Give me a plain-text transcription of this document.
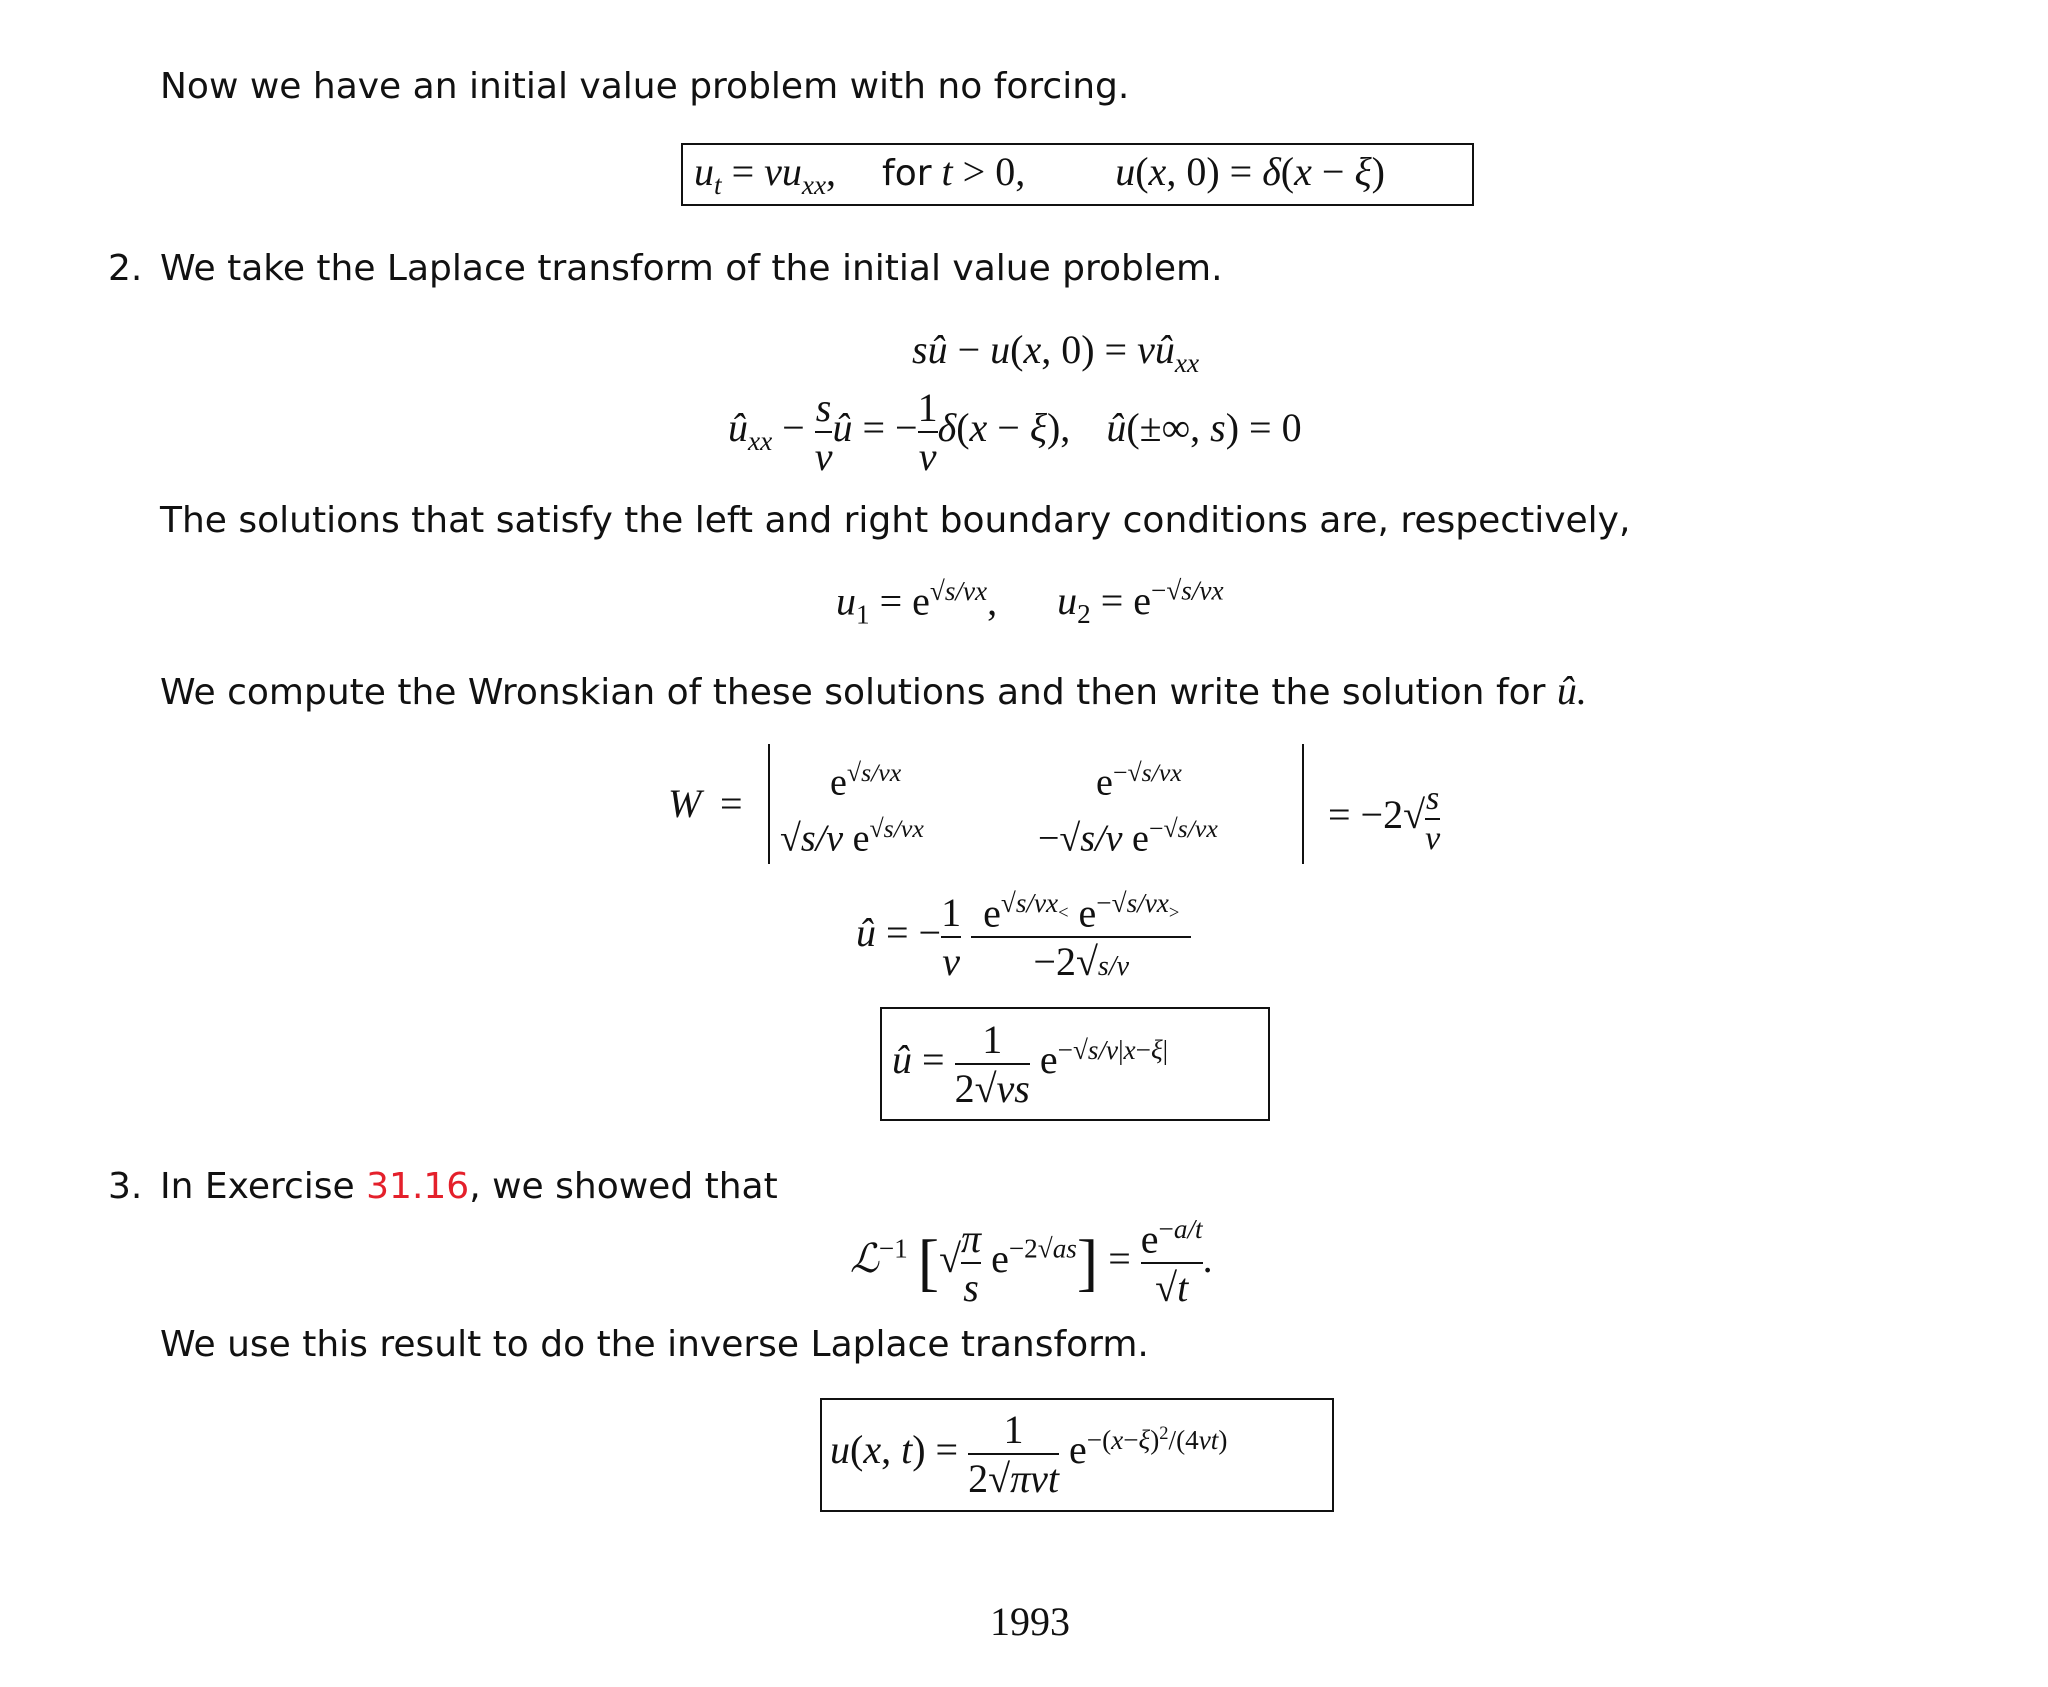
Now we have an initial value problem with no forcing.
$u_t = \nu u_{xx}$, for t > 0, u(x, 0) = δ(x − ξ)
2. We take the Laplace transform of the initial value problem.
sû − u(x, $0) = \nu û_{xx}$
$û_{xx} - \frac{s}{\nu}$ û = − $\frac{1}{\nu} \delta(x - \xi)$, û(±∞, s) = 0
The solutions that satisfy the left and right boundary conditions are, respectively,
$u_1 = e^{√s/\nu x}$, $u_2 = e^{-√s/\nu x}$
We compute the Wronskian of these solutions and then write the solution for û.
$W = e^{√s/\nu x}$	$e^{-√s/\nu x}$
√s/ν $e^{√s/\nu x}$	−√s/ν $e^{-√s/\nu x}$	= $-2√ \frac{s}{\nu}$
û = − $\frac{1}{\nu}$
$\frac{e^{√s/\nu x_<} e^{-√s/\nu x_>}}{-2√s/\nu}$
û = $\frac{1}{2√\nu s} e^{-√s/\nu|x-\xi|}$
3. In Exercise 31.16, we showed that
ℒ$^{-1}$ [√ $\frac{\pi}{s} e^{-2√as}] = \frac{e^{-a/t}}{√t}$ .
We use this result to do the inverse Laplace transform.
u(x, $t) = \frac{1}{\text{2√πνt}} e^{-(x-\xi)^2/(4\nu t)}$
1993
